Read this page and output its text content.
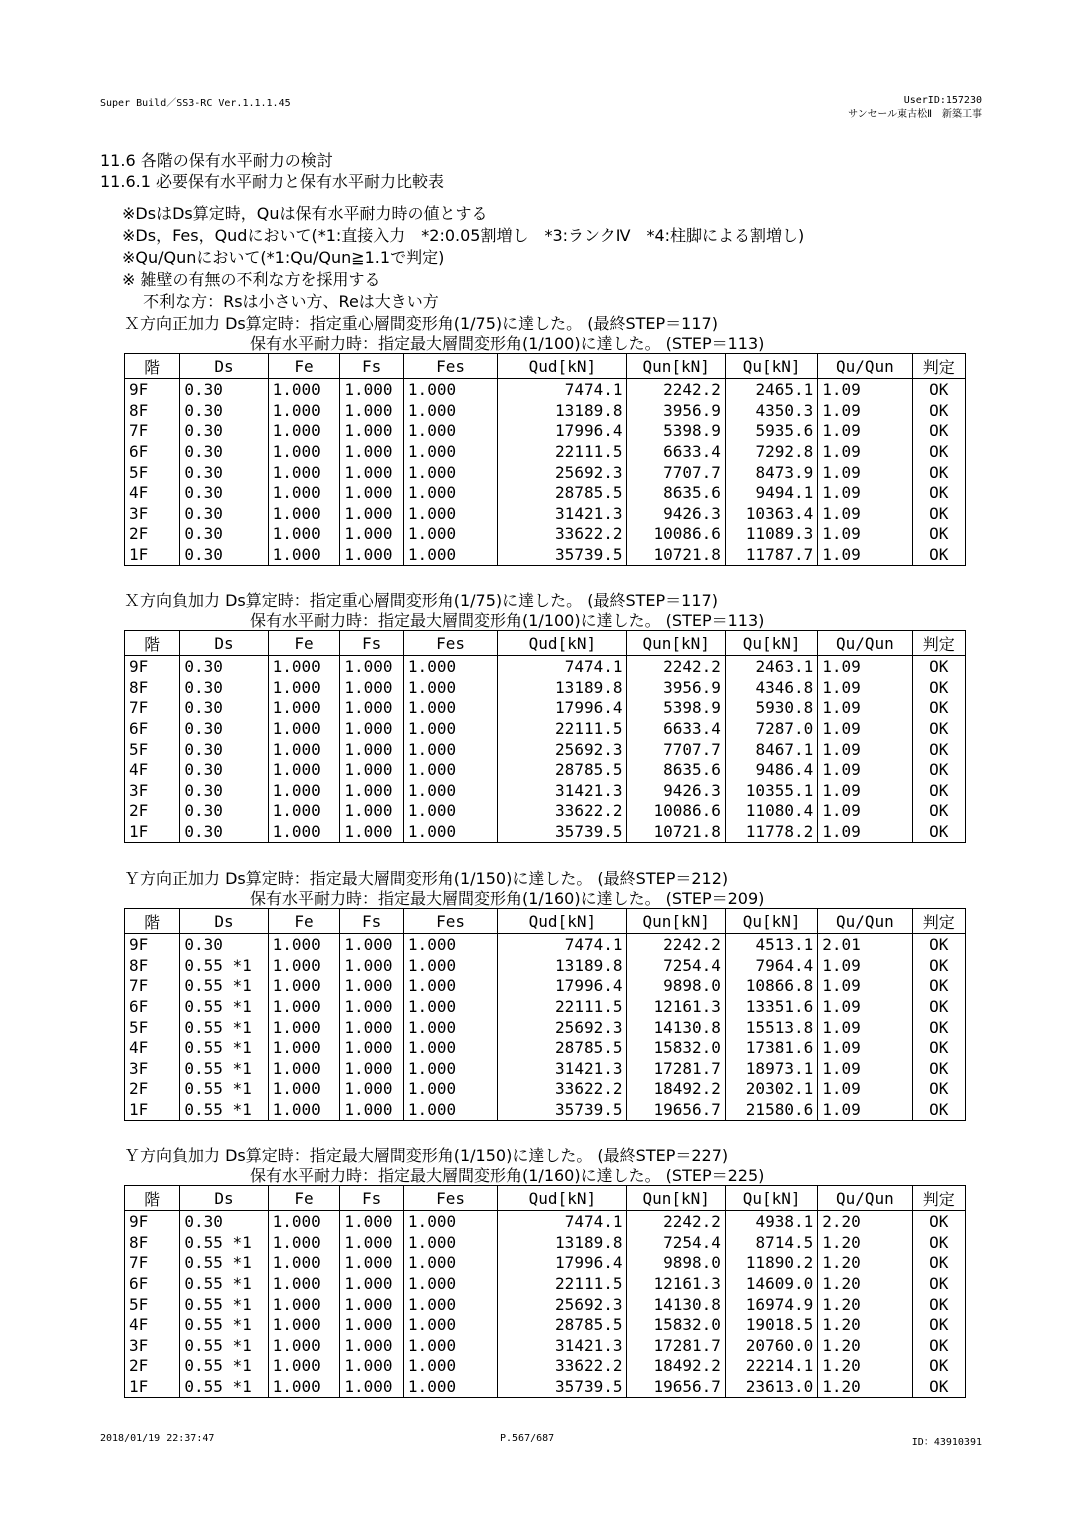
Super Build／SS3-RC Ver.1.1.1.45	UserID:157230
サンセール東古松Ⅱ　新築工事
11.6 各階の保有水平耐力の検討
11.6.1 必要保有水平耐力と保有水平耐力比較表
※DsはDs算定時，Quは保有水平耐力時の値とする
※Ds，Fes，Qudにおいて(*1:直接入力　*2:0.05割増し　*3:ランクⅣ　*4:柱脚による割増し)
※Qu/Qunにおいて(*1:Qu/Qun≧1.1で判定)
※ 雑壁の有無の不利な方を採用する
　 不利な方：Rsは小さい方、Reは大きい方
Ｘ方向正加力 Ds算定時：指定重心層間変形角(1/75)に達した。 (最終STEP＝117)
保有水平耐力時：指定最大層間変形角(1/100)に達した。 (STEP＝113)
階	Ds	Fe	Fs	Fes	Qud[kN]	Qun[kN]	Qu[kN]	Qu/Qun	判定
9F	0.30	1.000	1.000	1.000	7474.1	2242.2	2465.1	1.09	OK
8F	0.30	1.000	1.000	1.000	13189.8	3956.9	4350.3	1.09	OK
7F	0.30	1.000	1.000	1.000	17996.4	5398.9	5935.6	1.09	OK
6F	0.30	1.000	1.000	1.000	22111.5	6633.4	7292.8	1.09	OK
5F	0.30	1.000	1.000	1.000	25692.3	7707.7	8473.9	1.09	OK
4F	0.30	1.000	1.000	1.000	28785.5	8635.6	9494.1	1.09	OK
3F	0.30	1.000	1.000	1.000	31421.3	9426.3	10363.4	1.09	OK
2F	0.30	1.000	1.000	1.000	33622.2	10086.6	11089.3	1.09	OK
1F	0.30	1.000	1.000	1.000	35739.5	10721.8	11787.7	1.09	OK
Ｘ方向負加力 Ds算定時：指定重心層間変形角(1/75)に達した。 (最終STEP＝117)
保有水平耐力時：指定最大層間変形角(1/100)に達した。 (STEP＝113)
階	Ds	Fe	Fs	Fes	Qud[kN]	Qun[kN]	Qu[kN]	Qu/Qun	判定
9F	0.30	1.000	1.000	1.000	7474.1	2242.2	2463.1	1.09	OK
8F	0.30	1.000	1.000	1.000	13189.8	3956.9	4346.8	1.09	OK
7F	0.30	1.000	1.000	1.000	17996.4	5398.9	5930.8	1.09	OK
6F	0.30	1.000	1.000	1.000	22111.5	6633.4	7287.0	1.09	OK
5F	0.30	1.000	1.000	1.000	25692.3	7707.7	8467.1	1.09	OK
4F	0.30	1.000	1.000	1.000	28785.5	8635.6	9486.4	1.09	OK
3F	0.30	1.000	1.000	1.000	31421.3	9426.3	10355.1	1.09	OK
2F	0.30	1.000	1.000	1.000	33622.2	10086.6	11080.4	1.09	OK
1F	0.30	1.000	1.000	1.000	35739.5	10721.8	11778.2	1.09	OK
Ｙ方向正加力 Ds算定時：指定最大層間変形角(1/150)に達した。 (最終STEP＝212)
保有水平耐力時：指定最大層間変形角(1/160)に達した。 (STEP＝209)
階	Ds	Fe	Fs	Fes	Qud[kN]	Qun[kN]	Qu[kN]	Qu/Qun	判定
9F	0.30	1.000	1.000	1.000	7474.1	2242.2	4513.1	2.01	OK
8F	0.55 *1	1.000	1.000	1.000	13189.8	7254.4	7964.4	1.09	OK
7F	0.55 *1	1.000	1.000	1.000	17996.4	9898.0	10866.8	1.09	OK
6F	0.55 *1	1.000	1.000	1.000	22111.5	12161.3	13351.6	1.09	OK
5F	0.55 *1	1.000	1.000	1.000	25692.3	14130.8	15513.8	1.09	OK
4F	0.55 *1	1.000	1.000	1.000	28785.5	15832.0	17381.6	1.09	OK
3F	0.55 *1	1.000	1.000	1.000	31421.3	17281.7	18973.1	1.09	OK
2F	0.55 *1	1.000	1.000	1.000	33622.2	18492.2	20302.1	1.09	OK
1F	0.55 *1	1.000	1.000	1.000	35739.5	19656.7	21580.6	1.09	OK
Ｙ方向負加力 Ds算定時：指定最大層間変形角(1/150)に達した。 (最終STEP＝227)
保有水平耐力時：指定最大層間変形角(1/160)に達した。 (STEP＝225)
階	Ds	Fe	Fs	Fes	Qud[kN]	Qun[kN]	Qu[kN]	Qu/Qun	判定
9F	0.30	1.000	1.000	1.000	7474.1	2242.2	4938.1	2.20	OK
8F	0.55 *1	1.000	1.000	1.000	13189.8	7254.4	8714.5	1.20	OK
7F	0.55 *1	1.000	1.000	1.000	17996.4	9898.0	11890.2	1.20	OK
6F	0.55 *1	1.000	1.000	1.000	22111.5	12161.3	14609.0	1.20	OK
5F	0.55 *1	1.000	1.000	1.000	25692.3	14130.8	16974.9	1.20	OK
4F	0.55 *1	1.000	1.000	1.000	28785.5	15832.0	19018.5	1.20	OK
3F	0.55 *1	1.000	1.000	1.000	31421.3	17281.7	20760.0	1.20	OK
2F	0.55 *1	1.000	1.000	1.000	33622.2	18492.2	22214.1	1.20	OK
1F	0.55 *1	1.000	1.000	1.000	35739.5	19656.7	23613.0	1.20	OK
2018/01/19 22:37:47	P.567/687	ID：43910391
